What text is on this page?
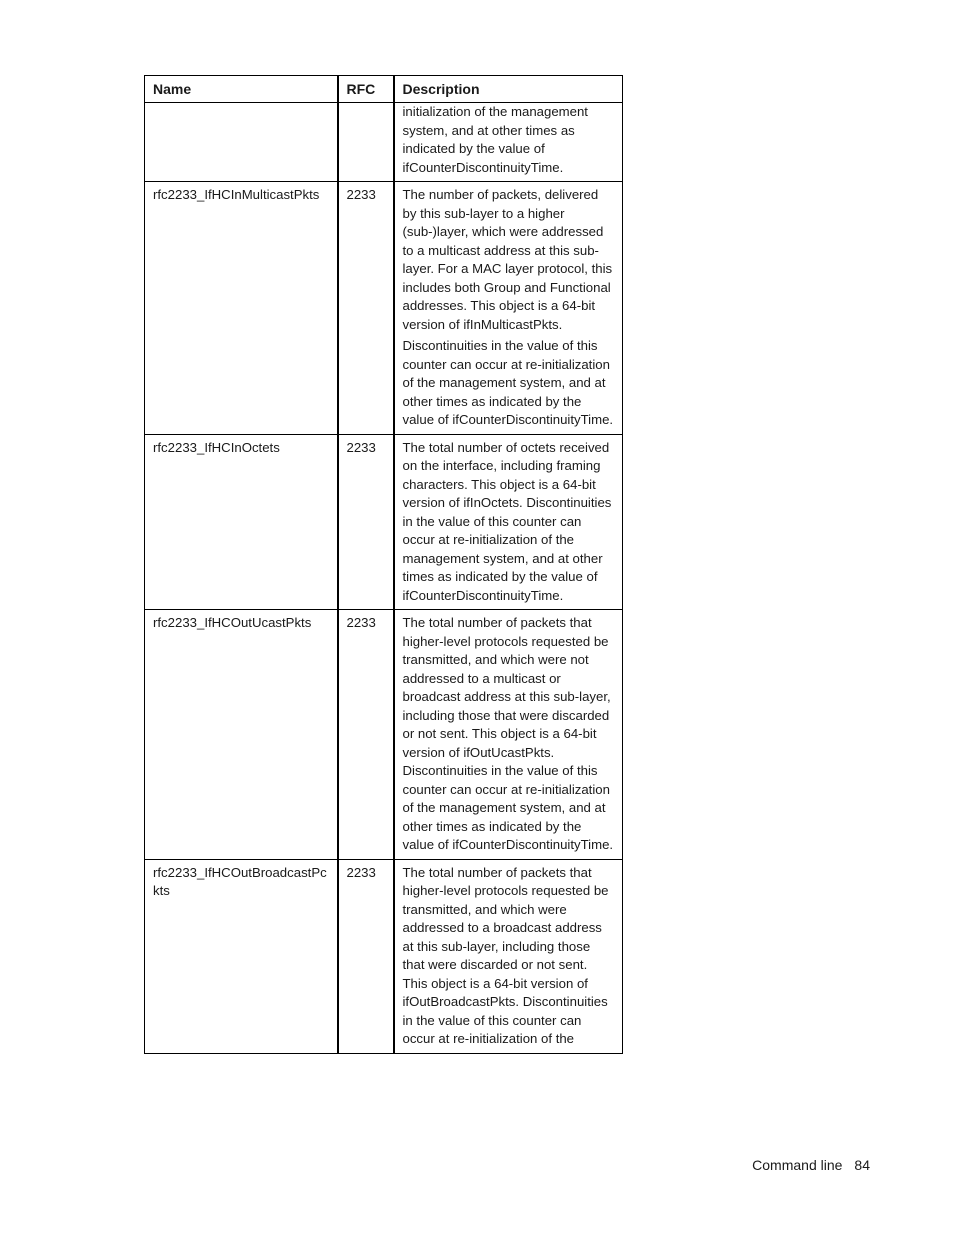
Name	RFC	Description

		initialization of the management system, and at other times as indicated by the value of ifCounterDiscontinuityTime.

rfc2233_IfHCInMulticastPkts	2233	The number of packets, delivered by this sub-layer to a higher (sub-)layer, which were addressed to a multicast address at this sub-layer. For a MAC layer protocol, this includes both Group and Functional addresses. This object is a 64-bit version of ifInMulticastPkts.

Discontinuities in the value of this counter can occur at re-initialization of the management system, and at other times as indicated by the value of ifCounterDiscontinuityTime.

rfc2233_IfHCInOctets	2233	The total number of octets received on the interface, including framing characters. This object is a 64-bit version of ifInOctets. Discontinuities in the value of this counter can occur at re-initialization of the management system, and at other times as indicated by the value of ifCounterDiscontinuityTime.

rfc2233_IfHCOutUcastPkts	2233	The total number of packets that higher-level protocols requested be transmitted, and which were not addressed to a multicast or broadcast address at this sub-layer, including those that were discarded or not sent. This object is a 64-bit version of ifOutUcastPkts. Discontinuities in the value of this counter can occur at re-initialization of the management system, and at other times as indicated by the value of ifCounterDiscontinuityTime.

rfc2233_IfHCOutBroadcastPckts	2233	The total number of packets that higher-level protocols requested be transmitted, and which were addressed to a broadcast address at this sub-layer, including those that were discarded or not sent. This object is a 64-bit version of ifOutBroadcastPkts. Discontinuities in the value of this counter can occur at re-initialization of the

Command line 84
